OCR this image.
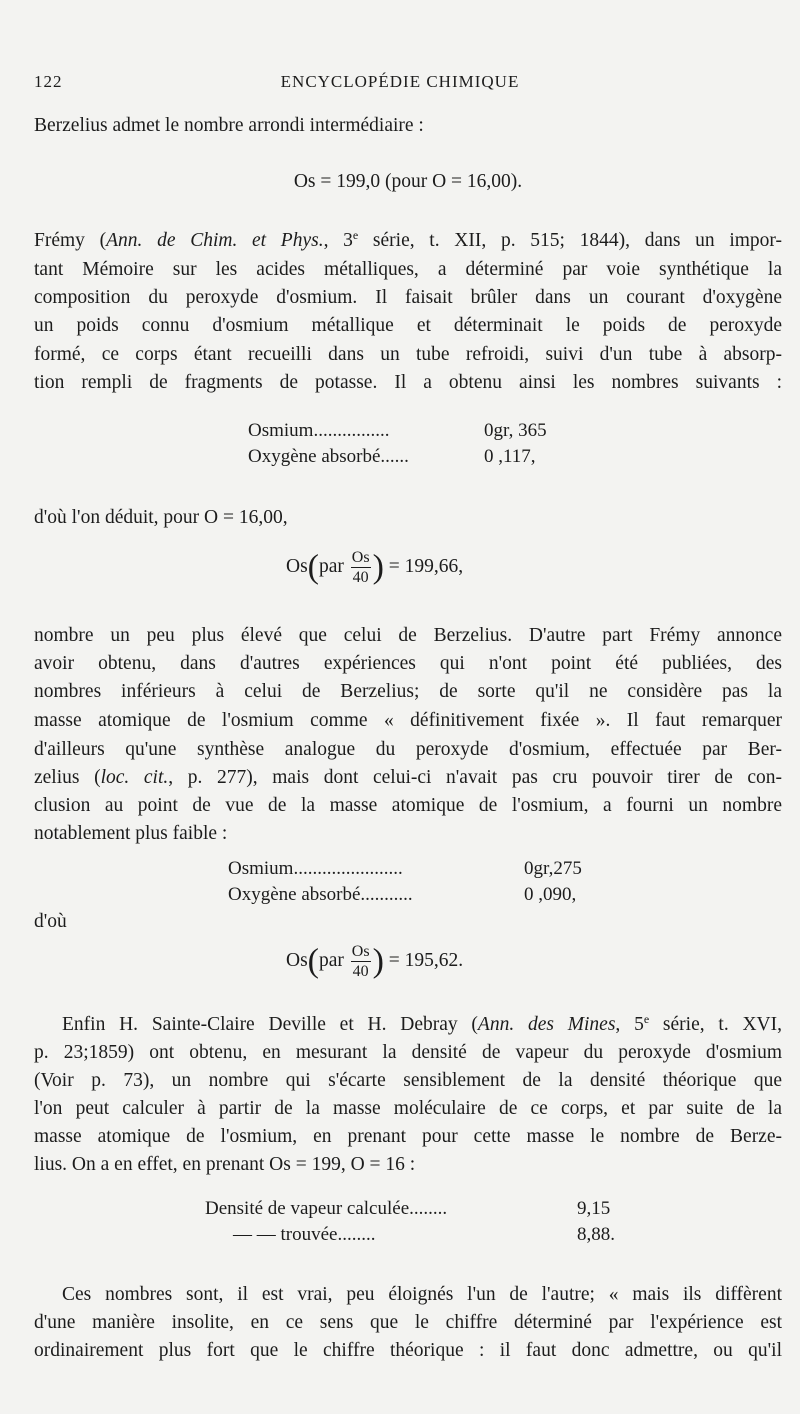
122	ENCYCLOPÉDIE CHIMIQUE
Berzelius admet le nombre arrondi intermédiaire :
Os = 199,0 (pour O = 16,00).
Frémy (Ann. de Chim. et Phys., 3e série, t. XII, p. 515; 1844), dans un impor-
tant Mémoire sur les acides métalliques, a déterminé par voie synthétique la
composition du peroxyde d'osmium. Il faisait brûler dans un courant d'oxygène
un poids connu d'osmium métallique et déterminait le poids de peroxyde
formé, ce corps étant recueilli dans un tube refroidi, suivi d'un tube à absorp-
tion rempli de fragments de potasse. Il a obtenu ainsi les nombres suivants :
Osmium................	0gr, 365
Oxygène absorbé......	0 ,117,
d'où l'on déduit, pour O = 16,00,
$Os(par \frac{Os}{40}$ ) = 199,66,
nombre un peu plus élevé que celui de Berzelius. D'autre part Frémy annonce
avoir obtenu, dans d'autres expériences qui n'ont point été publiées, des
nombres inférieurs à celui de Berzelius; de sorte qu'il ne considère pas la
masse atomique de l'osmium comme « définitivement fixée ». Il faut remarquer
d'ailleurs qu'une synthèse analogue du peroxyde d'osmium, effectuée par Ber-
zelius (loc. cit., p. 277), mais dont celui-ci n'avait pas cru pouvoir tirer de con-
clusion au point de vue de la masse atomique de l'osmium, a fourni un nombre
notablement plus faible :
Osmium.......................	0gr,275
Oxygène absorbé...........	0 ,090,
d'où
$Os(par \frac{Os}{40}$ ) = 195,62.
Enfin H. Sainte-Claire Deville et H. Debray (Ann. des Mines, 5e série, t. XVI,
p. 23;1859) ont obtenu, en mesurant la densité de vapeur du peroxyde d'osmium
(Voir p. 73), un nombre qui s'écarte sensiblement de la densité théorique que
l'on peut calculer à partir de la masse moléculaire de ce corps, et par suite de la
masse atomique de l'osmium, en prenant pour cette masse le nombre de Berze-
lius. On a en effet, en prenant Os = 199, O = 16 :
Densité de vapeur calculée........	9,15
— — trouvée........	8,88.
Ces nombres sont, il est vrai, peu éloignés l'un de l'autre; « mais ils diffèrent
d'une manière insolite, en ce sens que le chiffre déterminé par l'expérience est
ordinairement plus fort que le chiffre théorique : il faut donc admettre, ou qu'il
